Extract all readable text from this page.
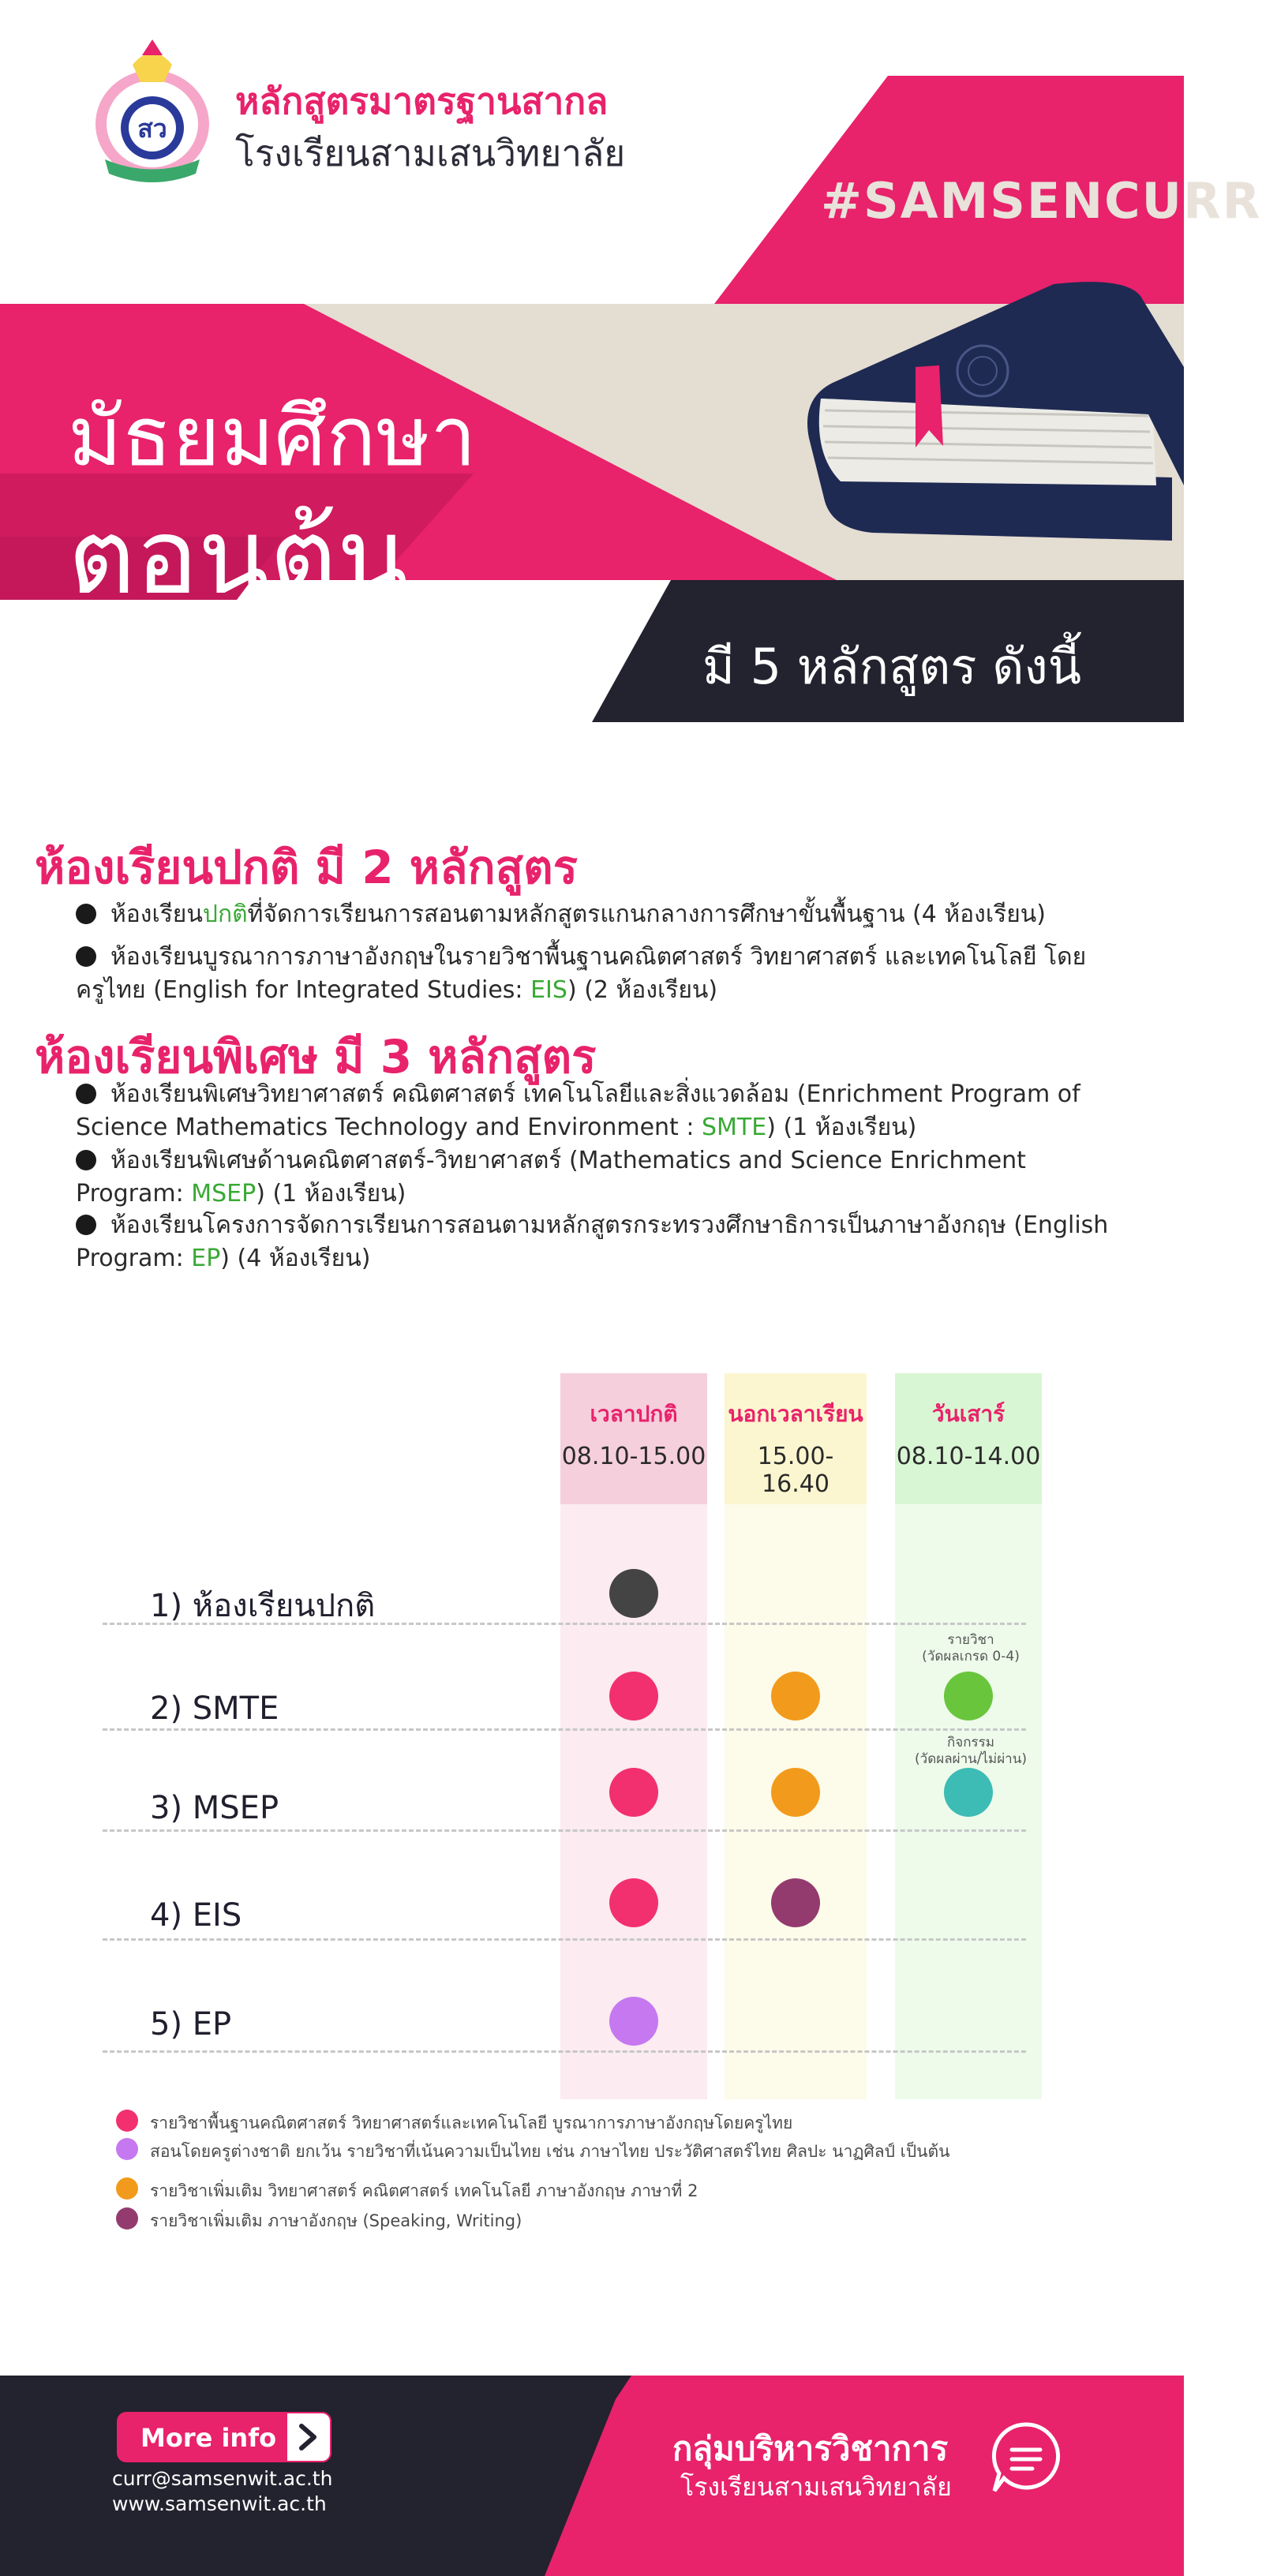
สว
หลักสูตรมาตรฐานสากล
โรงเรียนสามเสนวิทยาลัย
#SAMSENCURR
มัธยมศึกษา
ตอนต้น
มี 5 หลักสูตร ดังนี้
ห้องเรียนปกติ มี 2 หลักสูตร
ห้องเรียนปกติที่จัดการเรียนการสอนตามหลักสูตรแกนกลางการศึกษาขั้นพื้นฐาน (4 ห้องเรียน)
ห้องเรียนบูรณาการภาษาอังกฤษในรายวิชาพื้นฐานคณิตศาสตร์ วิทยาศาสตร์ และเทคโนโลยี โดยครูไทย (English for Integrated Studies: EIS) (2 ห้องเรียน)
ห้องเรียนพิเศษ มี 3 หลักสูตร
ห้องเรียนพิเศษวิทยาศาสตร์ คณิตศาสตร์ เทคโนโลยีและสิ่งแวดล้อม (Enrichment Program of Science Mathematics Technology and Environment : SMTE) (1 ห้องเรียน)
ห้องเรียนพิเศษด้านคณิตศาสตร์-วิทยาศาสตร์ (Mathematics and Science Enrichment Program: MSEP) (1 ห้องเรียน)
ห้องเรียนโครงการจัดการเรียนการสอนตามหลักสูตรกระทรวงศึกษาธิการเป็นภาษาอังกฤษ (English Program: EP) (4 ห้องเรียน)
เวลาปกติ
08.10-15.00
นอกเวลาเรียน
15.00-16.40
วันเสาร์
08.10-14.00
1) ห้องเรียนปกติ
2) SMTE
3) MSEP
4) EIS
5) EP
รายวิชา
(วัดผลเกรด 0-4)
กิจกรรม
(วัดผลผ่าน/ไม่ผ่าน)
รายวิชาพื้นฐานคณิตศาสตร์ วิทยาศาสตร์และเทคโนโลยี บูรณาการภาษาอังกฤษโดยครูไทย
สอนโดยครูต่างชาติ ยกเว้น รายวิชาที่เน้นความเป็นไทย เช่น ภาษาไทย ประวัติศาสตร์ไทย ศิลปะ นาฏศิลป์ เป็นต้น
รายวิชาเพิ่มเติม วิทยาศาสตร์ คณิตศาสตร์ เทคโนโลยี ภาษาอังกฤษ ภาษาที่ 2
รายวิชาเพิ่มเติม ภาษาอังกฤษ (Speaking, Writing)
More info
curr@samsenwit.ac.th
www.samsenwit.ac.th
กลุ่มบริหารวิชาการ
โรงเรียนสามเสนวิทยาลัย
